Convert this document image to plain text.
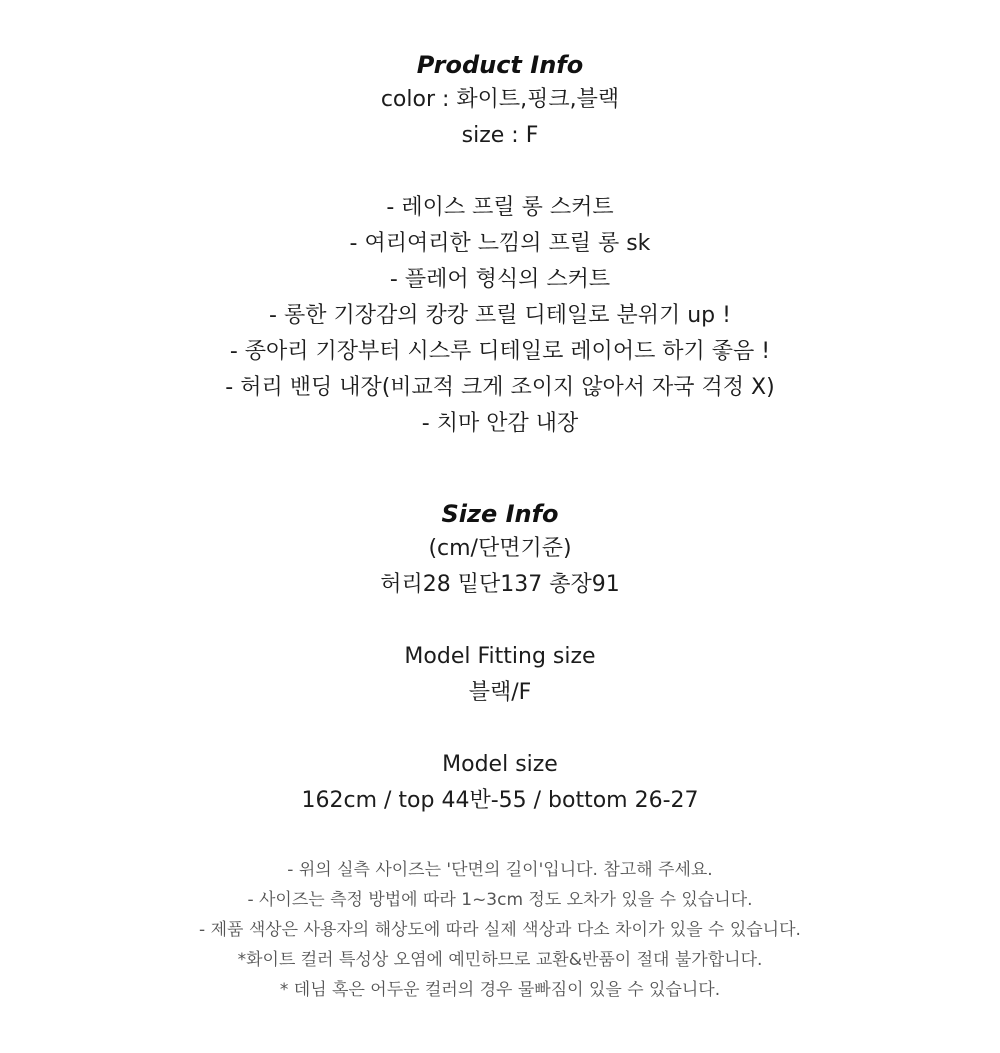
Product Info
color : 화이트,핑크,블랙
size : F
- 레이스 프릴 롱 스커트
- 여리여리한 느낌의 프릴 롱 sk
- 플레어 형식의 스커트
- 롱한 기장감의 캉캉 프릴 디테일로 분위기 up !
- 종아리 기장부터 시스루 디테일로 레이어드 하기 좋음 !
- 허리 밴딩 내장(비교적 크게 조이지 않아서 자국 걱정 X)
- 치마 안감 내장
Size Info
(cm/단면기준)
허리28 밑단137 총장91
Model Fitting size
블랙/F
Model size
162cm / top 44반-55 / bottom 26-27
- 위의 실측 사이즈는 '단면의 길이'입니다. 참고해 주세요.
- 사이즈는 측정 방법에 따라 1~3cm 정도 오차가 있을 수 있습니다.
- 제품 색상은 사용자의 해상도에 따라 실제 색상과 다소 차이가 있을 수 있습니다.
*화이트 컬러 특성상 오염에 예민하므로 교환&반품이 절대 불가합니다.
* 데님 혹은 어두운 컬러의 경우 물빠짐이 있을 수 있습니다.
